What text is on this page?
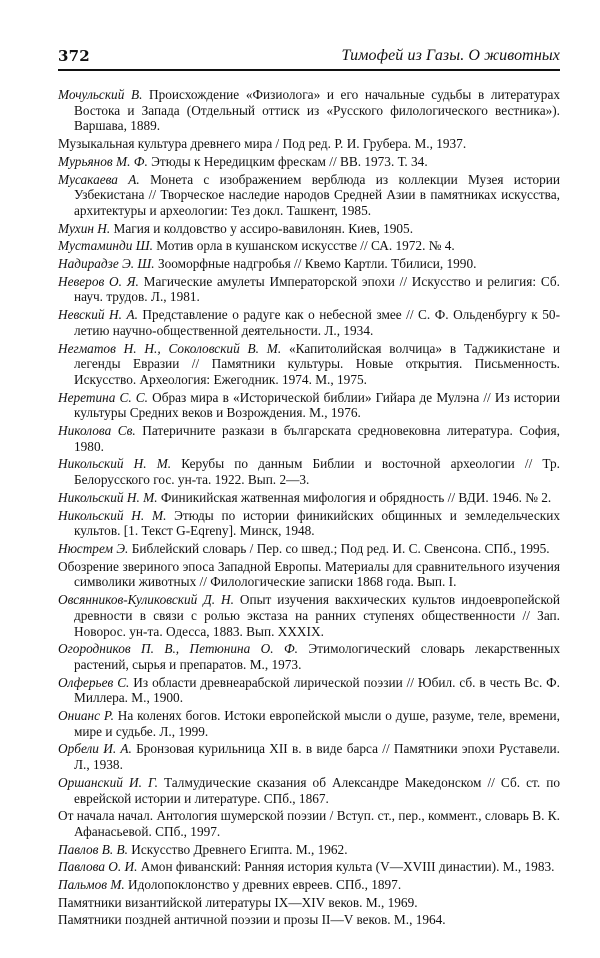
372	Тимофей из Газы. О животных

Мочульский В. Происхождение «Физиолога» и его начальные судьбы в литературах Востока и Запада (Отдельный оттиск из «Русского филологического вестника»). Варшава, 1889.

Музыкальная культура древнего мира / Под ред. Р. И. Грубера. М., 1937.

Мурьянов М. Ф. Этюды к Нередицким фрескам // ВВ. 1973. Т. 34.

Мусакаева А. Монета с изображением верблюда из коллекции Музея истории Узбекистана // Творческое наследие народов Средней Азии в памятниках искусства, архитектуры и археологии: Тез докл. Ташкент, 1985.

Мухин Н. Магия и колдовство у ассиро-вавилонян. Киев, 1905.

Мустаминди Ш. Мотив орла в кушанском искусстве // СА. 1972. № 4.

Надирадзе Э. Ш. Зооморфные надгробья // Квемо Картли. Тбилиси, 1990.

Неверов О. Я. Магические амулеты Императорской эпохи // Искусство и религия: Сб. науч. трудов. Л., 1981.

Невский Н. А. Представление о радуге как о небесной змее // С. Ф. Ольденбургу к 50-летию научно-общественной деятельности. Л., 1934.

Негматов Н. Н., Соколовский В. М. «Капитолийская волчица» в Таджикистане и легенды Евразии // Памятники культуры. Новые открытия. Письменность. Искусство. Археология: Ежегодник. 1974. М., 1975.

Неретина С. С. Образ мира в «Исторической библии» Гийара де Мулэна // Из истории культуры Средних веков и Возрождения. М., 1976.

Николова Св. Патеричните разкази в българската средновековна литература. София, 1980.

Никольский Н. М. Керубы по данным Библии и восточной археологии // Тр. Белорусского гос. ун-та. 1922. Вып. 2—3.

Никольский Н. М. Финикийская жатвенная мифология и обрядность // ВДИ. 1946. № 2.

Никольский Н. М. Этюды по истории финикийских общинных и земледельческих культов. [1. Текст G-Eqreny]. Минск, 1948.

Нюстрем Э. Библейский словарь / Пер. со швед.; Под ред. И. С. Свенсона. СПб., 1995.

Обозрение звериного эпоса Западной Европы. Материалы для сравнительного изучения символики животных // Филологические записки 1868 года. Вып. I.

Овсянников-Куликовский Д. Н. Опыт изучения вакхических культов индоевропейской древности в связи с ролью экстаза на ранних ступенях общественности // Зап. Новорос. ун-та. Одесса, 1883. Вып. XXXIX.

Огородников П. В., Петюнина О. Ф. Этимологический словарь лекарственных растений, сырья и препаратов. М., 1973.

Олферьев С. Из области древнеарабской лирической поэзии // Юбил. сб. в честь Вс. Ф. Миллера. М., 1900.

Онианс Р. На коленях богов. Истоки европейской мысли о душе, разуме, теле, времени, мире и судьбе. Л., 1999.

Орбели И. А. Бронзовая курильница XII в. в виде барса // Памятники эпохи Руставели. Л., 1938.

Оршанский И. Г. Талмудические сказания об Александре Македонском // Сб. ст. по еврейской истории и литературе. СПб., 1867.

От начала начал. Антология шумерской поэзии / Вступ. ст., пер., коммент., словарь В. К. Афанасьевой. СПб., 1997.

Павлов В. В. Искусство Древнего Египта. М., 1962.

Павлова О. И. Амон фиванский: Ранняя история культа (V—XVIII династии). М., 1983.

Пальмов М. Идолопоклонство у древних евреев. СПб., 1897.

Памятники византийской литературы IX—XIV веков. М., 1969.

Памятники поздней античной поэзии и прозы II—V веков. М., 1964.
